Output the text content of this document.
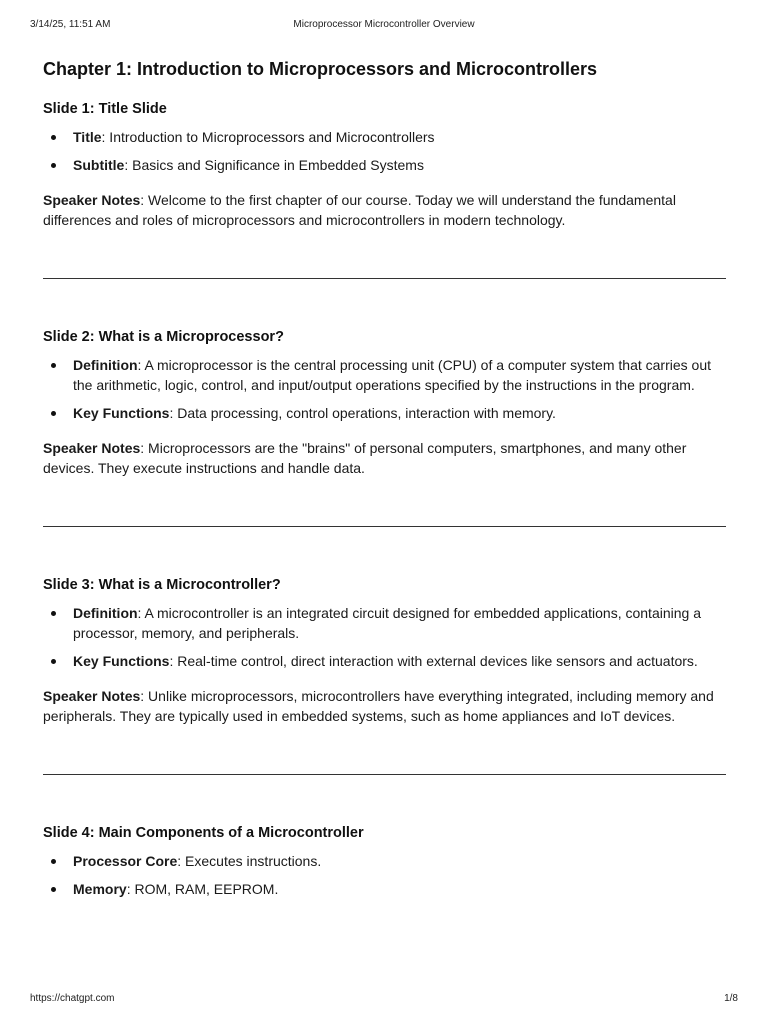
3/14/25, 11:51 AM	Microprocessor Microcontroller Overview
Chapter 1: Introduction to Microprocessors and Microcontrollers
Slide 1: Title Slide
Title: Introduction to Microprocessors and Microcontrollers
Subtitle: Basics and Significance in Embedded Systems

Speaker Notes: Welcome to the first chapter of our course. Today we will understand the fundamental differences and roles of microprocessors and microcontrollers in modern technology.

Slide 2: What is a Microprocessor?
Definition: A microprocessor is the central processing unit (CPU) of a computer system that carries out the arithmetic, logic, control, and input/output operations specified by the instructions in the program.
Key Functions: Data processing, control operations, interaction with memory.

Speaker Notes: Microprocessors are the "brains" of personal computers, smartphones, and many other devices. They execute instructions and handle data.

Slide 3: What is a Microcontroller?
Definition: A microcontroller is an integrated circuit designed for embedded applications, containing a processor, memory, and peripherals.
Key Functions: Real-time control, direct interaction with external devices like sensors and actuators.

Speaker Notes: Unlike microprocessors, microcontrollers have everything integrated, including memory and peripherals. They are typically used in embedded systems, such as home appliances and IoT devices.

Slide 4: Main Components of a Microcontroller
Processor Core: Executes instructions.
Memory: ROM, RAM, EEPROM.
https://chatgpt.com	1/8
